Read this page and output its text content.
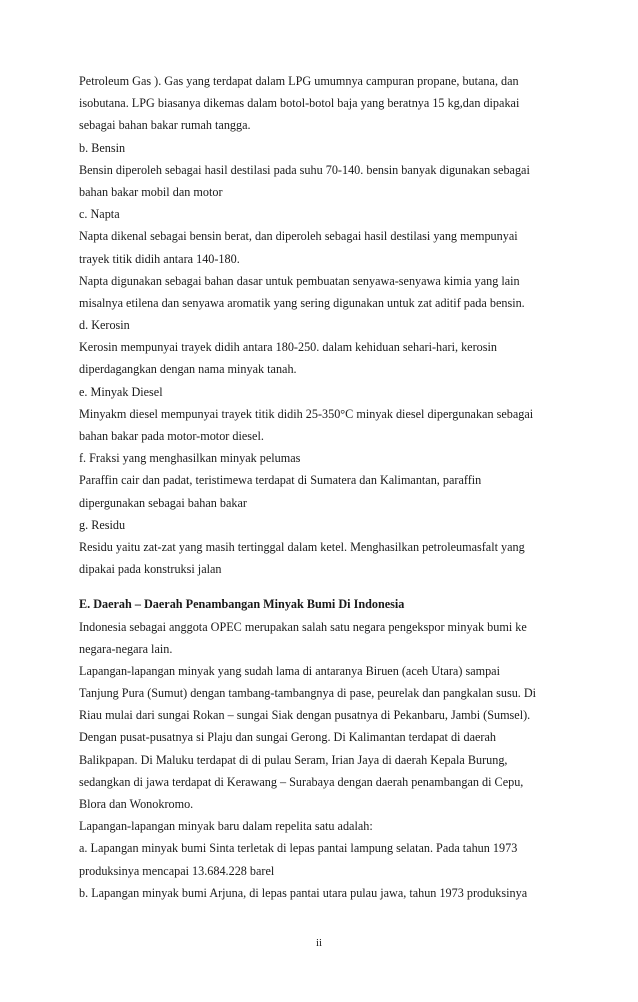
Petroleum Gas ). Gas yang terdapat dalam LPG umumnya campuran propane, butana, dan
isobutana. LPG biasanya dikemas dalam botol-botol baja yang beratnya 15 kg,dan dipakai
sebagai bahan bakar rumah tangga.
b. Bensin
Bensin diperoleh sebagai hasil destilasi pada suhu 70-140. bensin banyak digunakan sebagai
bahan bakar mobil dan motor
c. Napta
Napta dikenal sebagai bensin berat, dan diperoleh sebagai hasil destilasi yang mempunyai
trayek titik didih antara 140-180.
Napta digunakan sebagai bahan dasar untuk pembuatan senyawa-senyawa kimia yang lain
misalnya etilena dan senyawa aromatik yang sering digunakan untuk zat aditif pada bensin.
d. Kerosin
Kerosin mempunyai trayek didih antara 180-250. dalam kehiduan sehari-hari, kerosin
diperdagangkan dengan nama minyak tanah.
e. Minyak Diesel
Minyakm diesel mempunyai trayek titik didih 25-350°C minyak diesel dipergunakan sebagai
bahan bakar pada motor-motor diesel.
f. Fraksi yang menghasilkan minyak pelumas
Paraffin cair dan padat, teristimewa terdapat di Sumatera dan Kalimantan, paraffin
dipergunakan sebagai bahan bakar
g. Residu
Residu yaitu zat-zat yang masih tertinggal dalam ketel. Menghasilkan petroleumasfalt yang
dipakai pada konstruksi jalan
E. Daerah – Daerah Penambangan Minyak Bumi Di Indonesia
Indonesia sebagai anggota OPEC merupakan salah satu negara pengekspor minyak bumi ke
negara-negara lain.
Lapangan-lapangan minyak yang sudah lama di antaranya Biruen (aceh Utara) sampai
Tanjung Pura (Sumut) dengan tambang-tambangnya di pase, peurelak dan pangkalan susu. Di
Riau mulai dari sungai Rokan – sungai Siak dengan pusatnya di Pekanbaru, Jambi (Sumsel).
Dengan pusat-pusatnya si Plaju dan sungai Gerong. Di Kalimantan terdapat di daerah
Balikpapan. Di Maluku terdapat di di pulau Seram, Irian Jaya di daerah Kepala Burung,
sedangkan di jawa terdapat di Kerawang – Surabaya dengan daerah penambangan di Cepu,
Blora dan Wonokromo.
Lapangan-lapangan minyak baru dalam repelita satu adalah:
a. Lapangan minyak bumi Sinta terletak di lepas pantai lampung selatan. Pada tahun 1973
produksinya mencapai 13.684.228 barel
b. Lapangan minyak bumi Arjuna, di lepas pantai utara pulau jawa, tahun 1973 produksinya
ii
